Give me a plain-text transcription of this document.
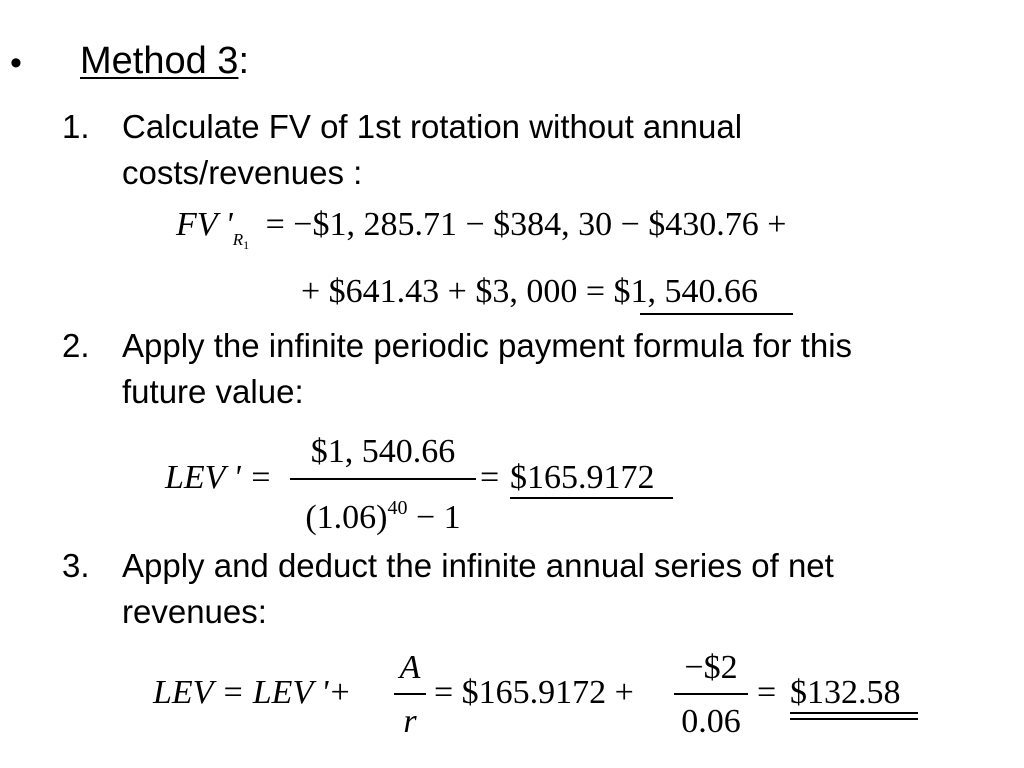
• Method 3:
1. Calculate FV of 1st rotation without annual
costs/revenues :
FV '$_{R1}$ = −$1, 285.71 − $384, 30 − $430.76 +
+ $641.43 + $3, 000 = $1, 540.66
2. Apply the infinite periodic payment formula for this
future value:
LEV ' =
$1, 540.66
$(1.06)^{40} - 1$
= $165.9172
3. Apply and deduct the infinite annual series of net
revenues:
LEV = LEV '+
A
r
= $165.9172 +
−$2
0.06
= $132.58
